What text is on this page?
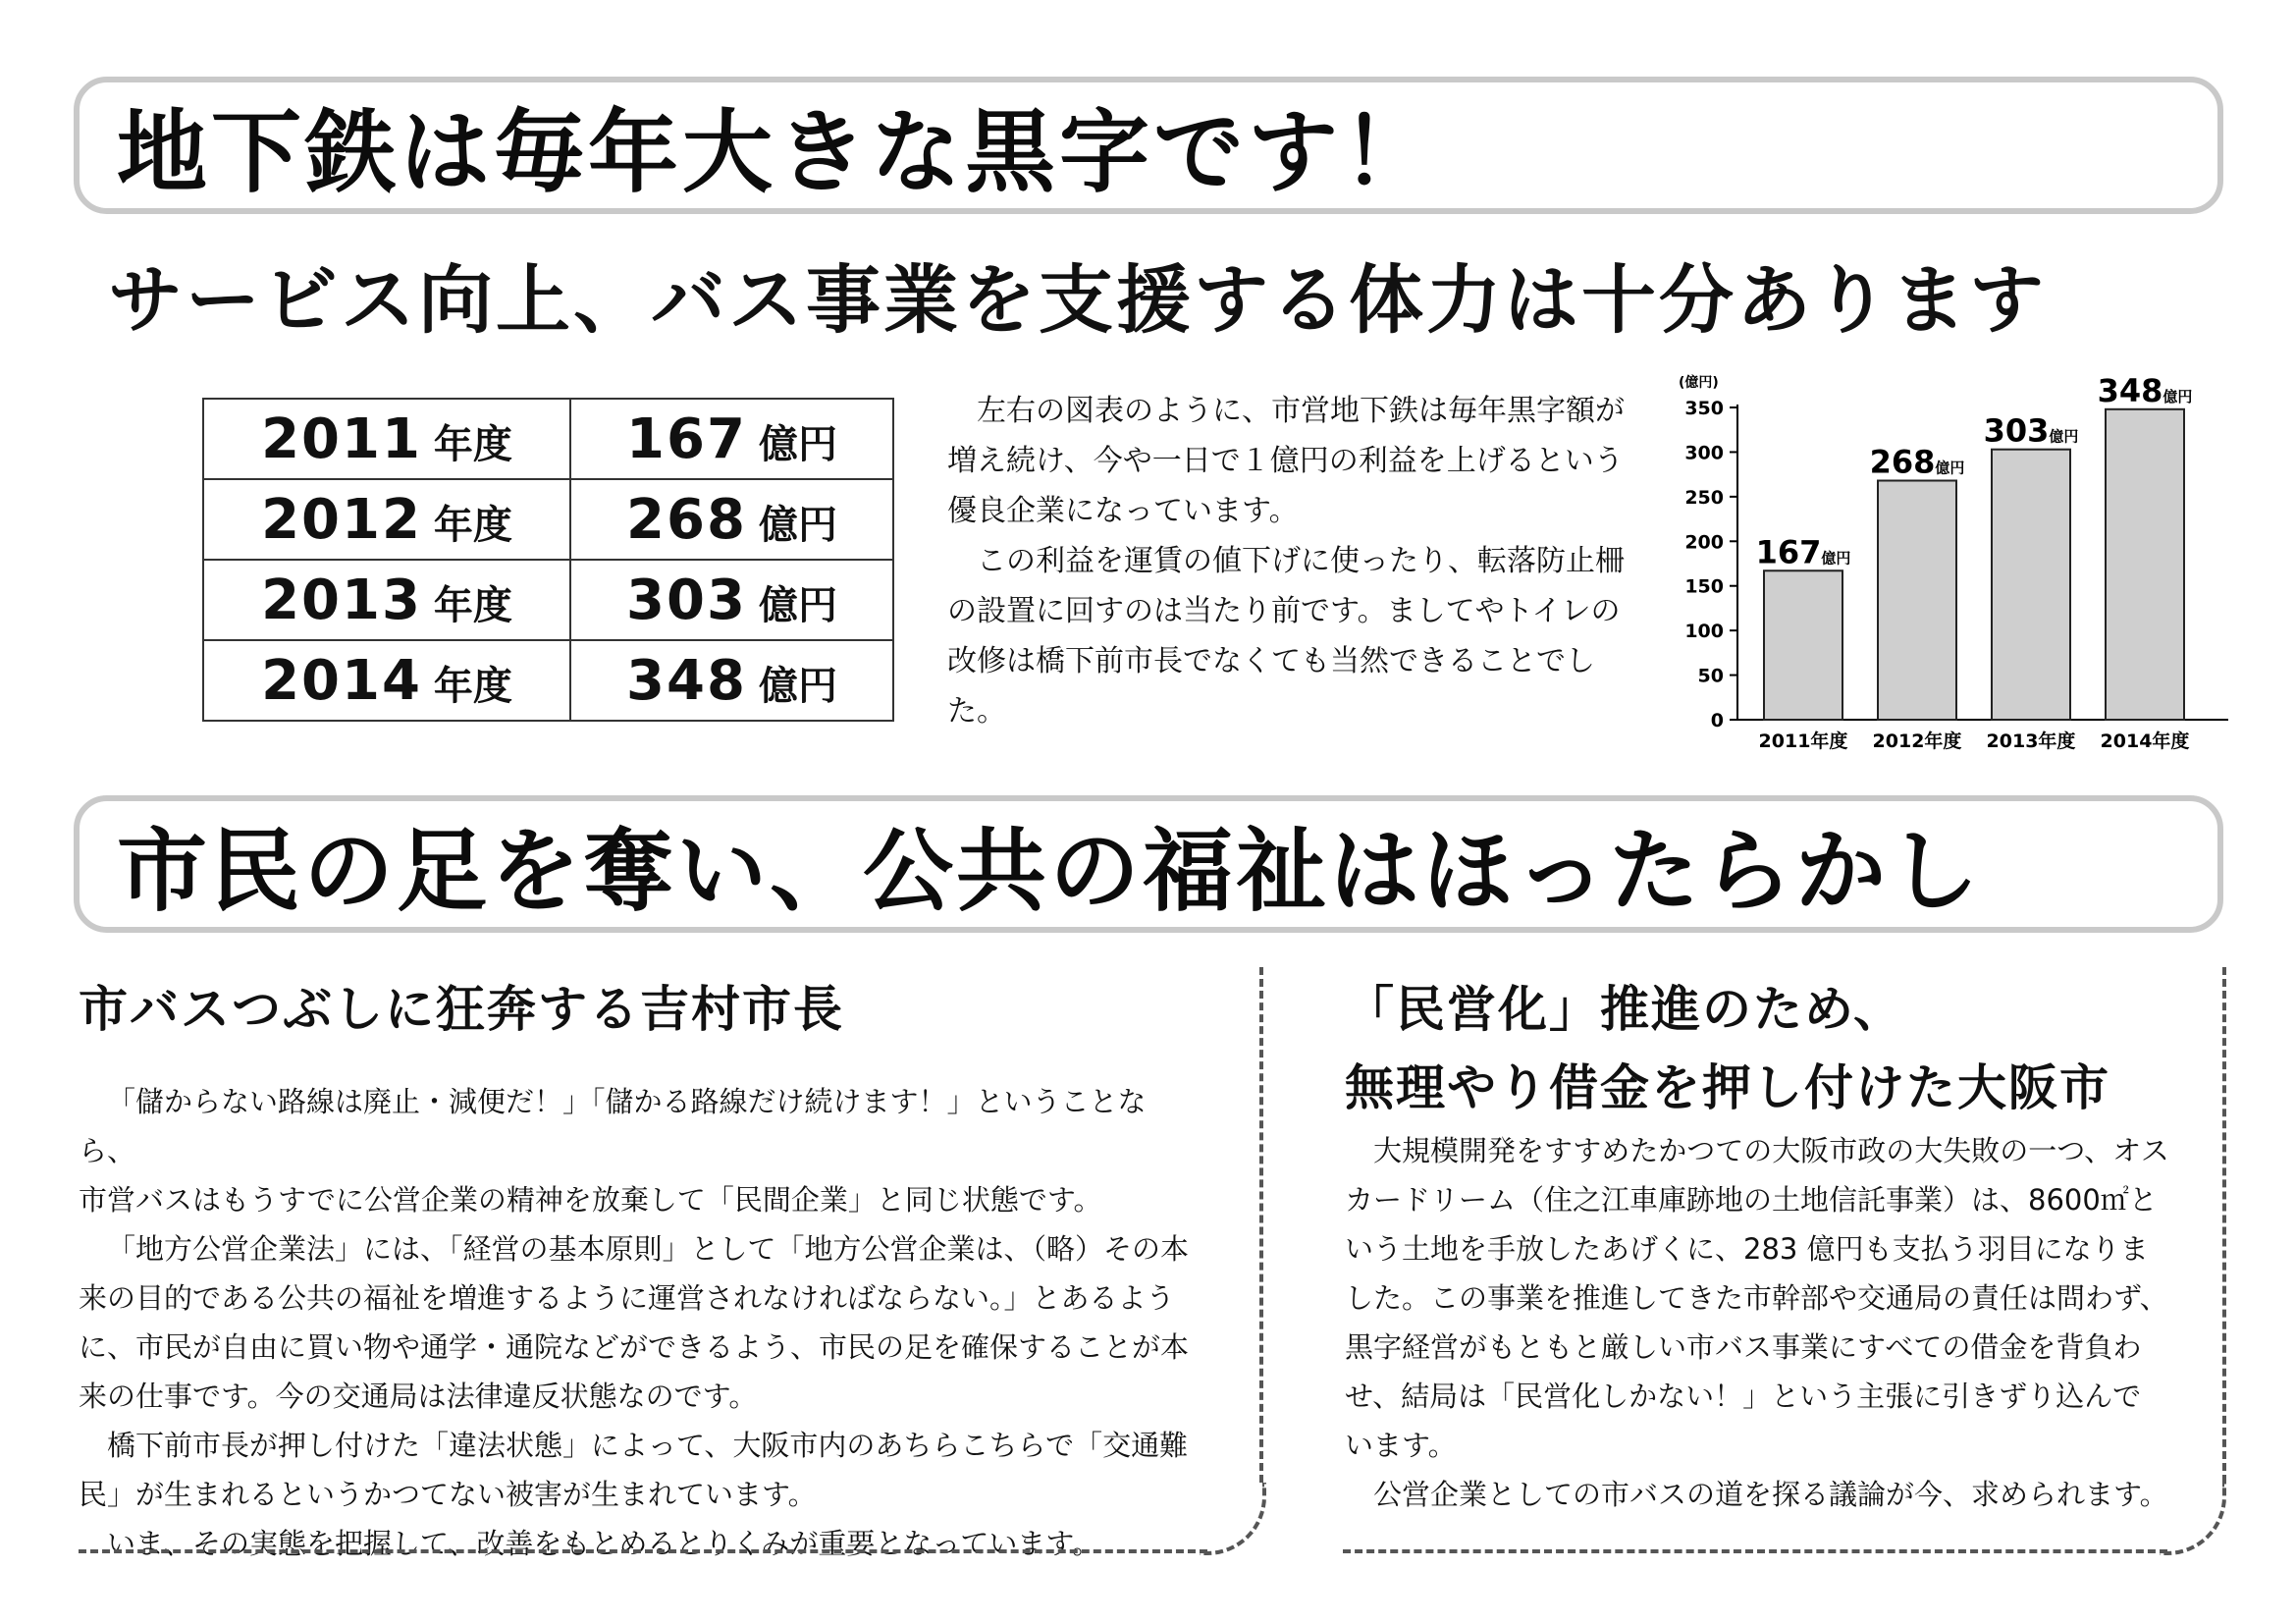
地下鉄は毎年大きな黒字です！
サービス向上、バス事業を支援する体力は十分あります
2011 年度	167 億円
2012 年度	268 億円
2013 年度	303 億円
2014 年度	348 億円

左右の図表のように、市営地下鉄は毎年黒字額が増え続け、今や一日で１億円の利益を上げるという優良企業になっています。

この利益を運賃の値下げに使ったり、転落防止柵の設置に回すのは当たり前です。ましてやトイレの改修は橋下前市長でなくても当然できることでした。

(億円)
0
50
100
150
200
250
300
350
167億円
2011年度
268億円
2012年度
303億円
2013年度
348億円
2014年度
市民の足を奪い、公共の福祉はほったらかし
市バスつぶしに狂奔する吉村市長

「儲からない路線は廃止・減便だ！」「儲かる路線だけ続けます！」ということなら、

市営バスはもうすでに公営企業の精神を放棄して「民間企業」と同じ状態です。

「地方公営企業法」には、「経営の基本原則」として「地方公営企業は、（略）その本来の目的である公共の福祉を増進するように運営されなければならない。」とあるように、市民が自由に買い物や通学・通院などができるよう、市民の足を確保することが本来の仕事です。今の交通局は法律違反状態なのです。

橋下前市長が押し付けた「違法状態」によって、大阪市内のあちらこちらで「交通難民」が生まれるというかつてない被害が生まれています。

いま、その実態を把握して、改善をもとめるとりくみが重要となっています。

「民営化」推進のため、
無理やり借金を押し付けた大阪市

大規模開発をすすめたかつての大阪市政の大失敗の一つ、オスカードリーム（住之江車庫跡地の土地信託事業）は、8600㎡という土地を手放したあげくに、283 億円も支払う羽目になりました。この事業を推進してきた市幹部や交通局の責任は問わず、黒字経営がもともと厳しい市バス事業にすべての借金を背負わせ、結局は「民営化しかない！」という主張に引きずり込んでいます。

公営企業としての市バスの道を探る議論が今、求められます。
